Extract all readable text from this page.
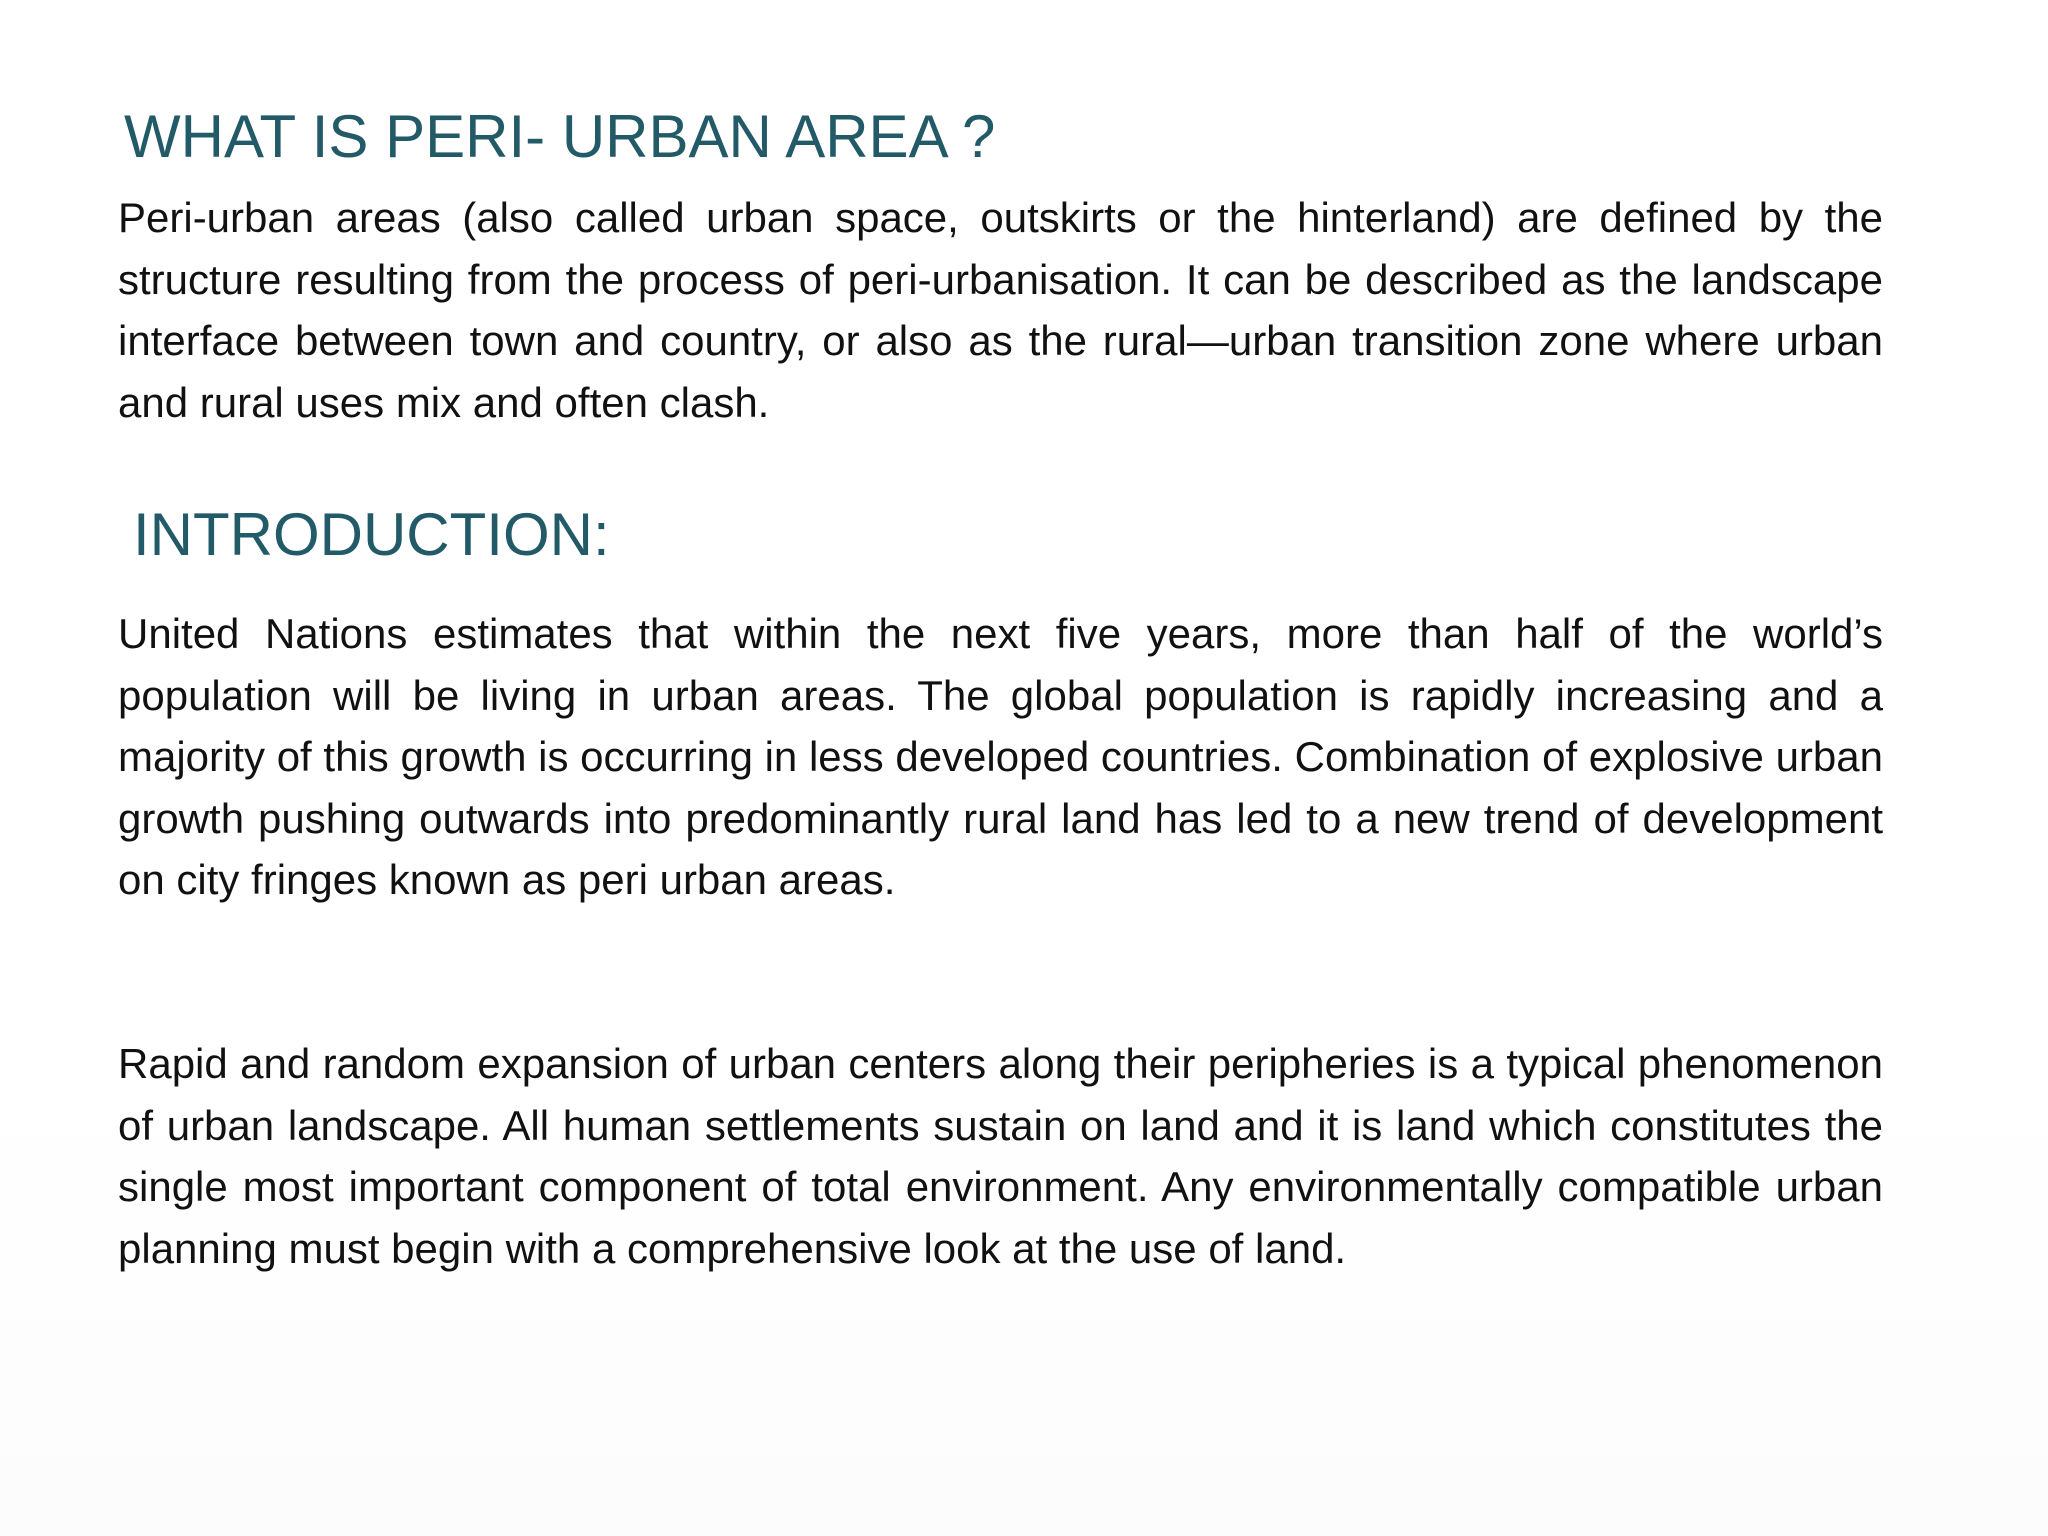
WHAT IS PERI- URBAN AREA ?

Peri-urban areas (also called urban space, outskirts or the hinterland) are defined by the structure resulting from the process of peri-urbanisation. It can be described as the landscape interface between town and country, or also as the rural—urban transition zone where urban and rural uses mix and often clash.

INTRODUCTION:

United Nations estimates that within the next five years, more than half of the world’s population will be living in urban areas. The global population is rapidly increasing and a majority of this growth is occurring in less developed countries. Combination of explosive urban growth pushing outwards into predominantly rural land has led to a new trend of development on city fringes known as peri urban areas.

Rapid and random expansion of urban centers along their peripheries is a typical phenomenon of urban landscape. All human settlements sustain on land and it is land which constitutes the single most important component of total environment. Any environmentally compatible urban planning must begin with a comprehensive look at the use of land.
